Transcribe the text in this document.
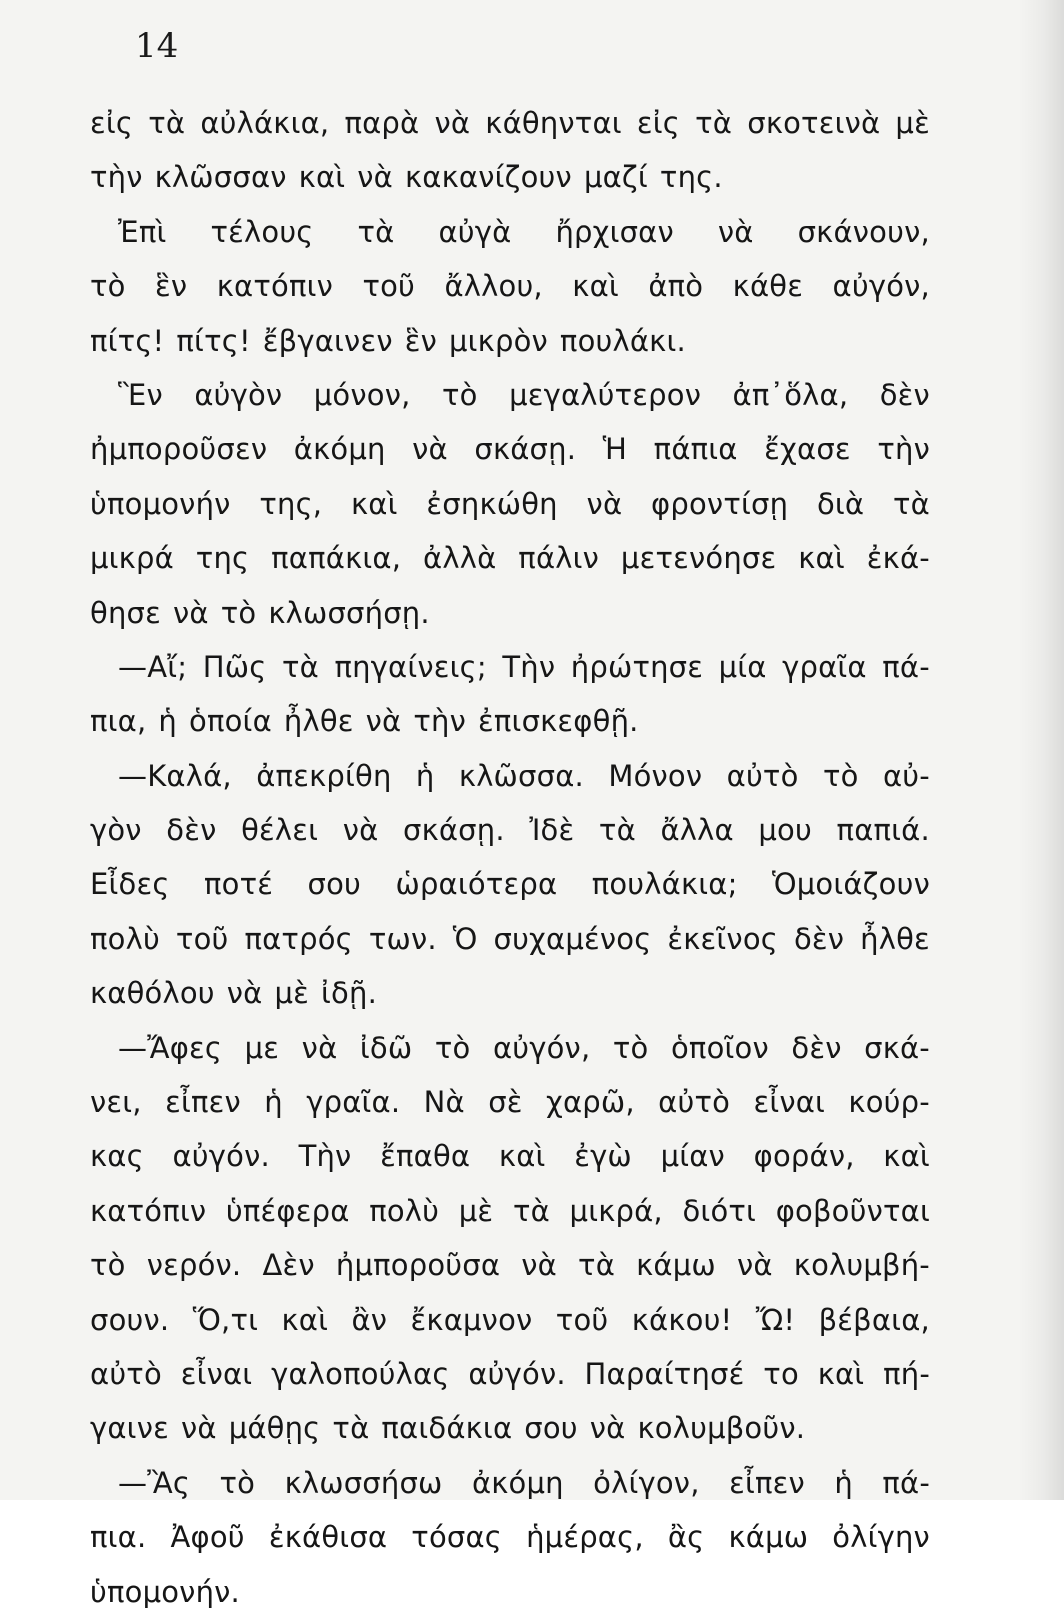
14
εἰς τὰ αὐλάκια, παρὰ νὰ κάθηνται εἰς τὰ σκοτεινὰ μὲ
τὴν κλῶσσαν καὶ νὰ κακανίζουν μαζί της.
Ἐπὶ τέλους τὰ αὐγὰ ἤρχισαν νὰ σκάνουν,
τὸ ἓν κατόπιν τοῦ ἄλλου, καὶ ἀπὸ κάθε αὐγόν,
πίτς! πίτς! ἔβγαινεν ἓν μικρὸν πουλάκι.
Ἓν αὐγὸν μόνον, τὸ μεγαλύτερον ἀπ᾽ὅλα, δὲν
ἠμποροῦσεν ἀκόμη νὰ σκάσῃ. Ἡ πάπια ἔχασε τὴν
ὑπομονήν της, καὶ ἐσηκώθη νὰ φροντίσῃ διὰ τὰ
μικρά της παπάκια, ἀλλὰ πάλιν μετενόησε καὶ ἐκά-
θησε νὰ τὸ κλωσσήσῃ.
—Αἴ; Πῶς τὰ πηγαίνεις; Τὴν ἠρώτησε μία γραῖα πά-
πια, ἡ ὁποία ἦλθε νὰ τὴν ἐπισκεφθῇ.
—Καλά, ἀπεκρίθη ἡ κλῶσσα. Μόνον αὐτὸ τὸ αὐ-
γὸν δὲν θέλει νὰ σκάσῃ. Ἰδὲ τὰ ἄλλα μου παπιά.
Εἶδες ποτέ σου ὡραιότερα πουλάκια; Ὁμοιάζουν
πολὺ τοῦ πατρός των. Ὁ συχαμένος ἐκεῖνος δὲν ἦλθε
καθόλου νὰ μὲ ἰδῇ.
—Ἄφες με νὰ ἰδῶ τὸ αὐγόν, τὸ ὁποῖον δὲν σκά-
νει, εἶπεν ἡ γραῖα. Νὰ σὲ χαρῶ, αὐτὸ εἶναι κούρ-
κας αὐγόν. Τὴν ἔπαθα καὶ ἐγὼ μίαν φοράν, καὶ
κατόπιν ὑπέφερα πολὺ μὲ τὰ μικρά, διότι φοβοῦνται
τὸ νερόν. Δὲν ἠμποροῦσα νὰ τὰ κάμω νὰ κολυμβή-
σουν. Ὅ,τι καὶ ἂν ἔκαμνον τοῦ κάκου! Ὤ! βέβαια,
αὐτὸ εἶναι γαλοπούλας αὐγόν. Παραίτησέ το καὶ πή-
γαινε νὰ μάθῃς τὰ παιδάκια σου νὰ κολυμβοῦν.
—Ἂς τὸ κλωσσήσω ἀκόμη ὀλίγον, εἶπεν ἡ πά-
πια. Ἀφοῦ ἐκάθισα τόσας ἡμέρας, ἂς κάμω ὀλίγην
ὑπομονήν.
